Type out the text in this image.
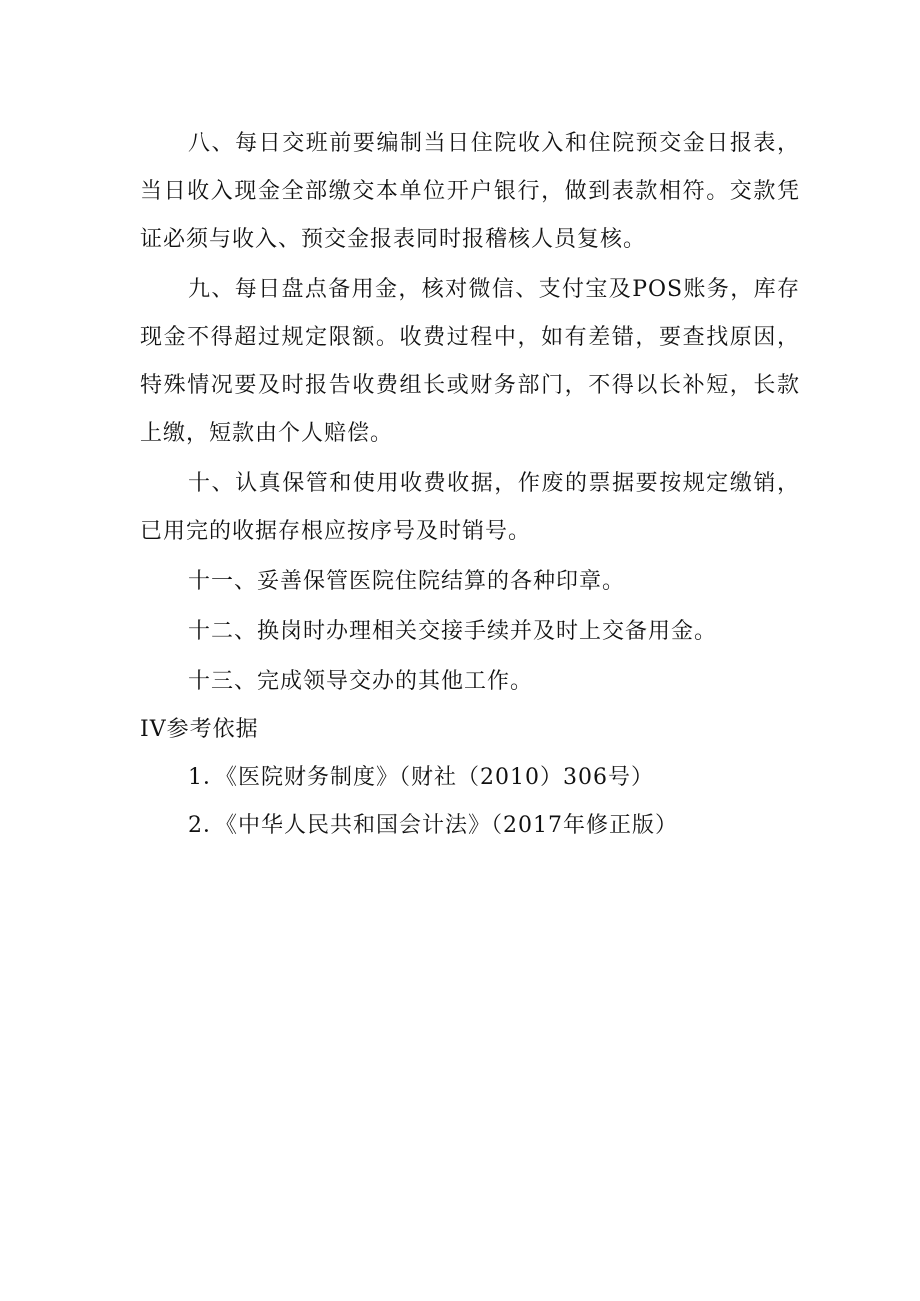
八、每日交班前要编制当日住院收入和住院预交金日报表，当日收入现金全部缴交本单位开户银行，做到表款相符。交款凭证必须与收入、预交金报表同时报稽核人员复核。

九、每日盘点备用金，核对微信、支付宝及POS账务，库存现金不得超过规定限额。收费过程中，如有差错，要查找原因，特殊情况要及时报告收费组长或财务部门，不得以长补短，长款上缴，短款由个人赔偿。

十、认真保管和使用收费收据，作废的票据要按规定缴销，已用完的收据存根应按序号及时销号。

十一、妥善保管医院住院结算的各种印章。

十二、换岗时办理相关交接手续并及时上交备用金。

十三、完成领导交办的其他工作。

IV参考依据

1．《医院财务制度》（财社（2010）306号）

2．《中华人民共和国会计法》（2017年修正版）
